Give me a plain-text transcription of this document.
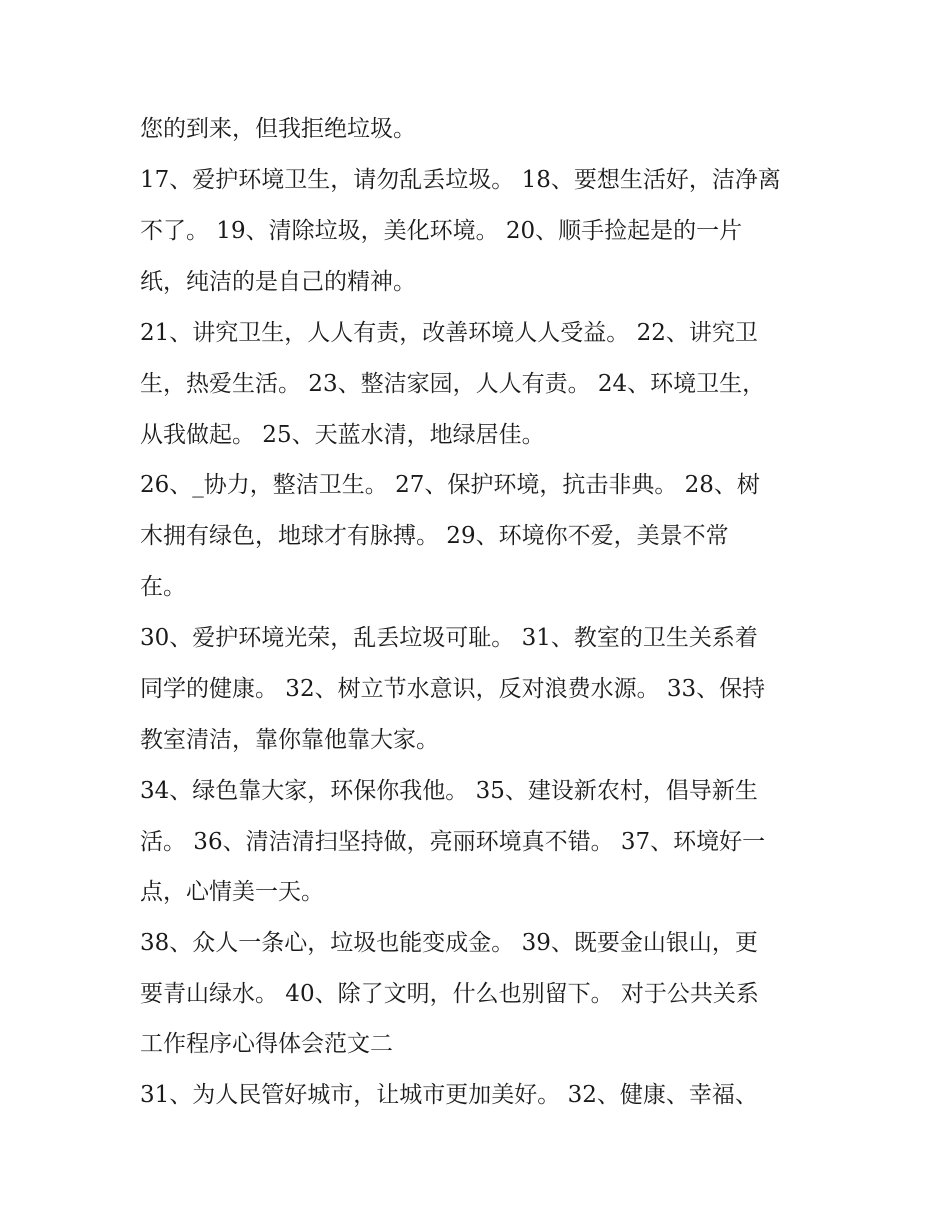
您的到来，但我拒绝垃圾。
17、爱护环境卫生，请勿乱丢垃圾。 18、要想生活好，洁净离
不了。 19、清除垃圾，美化环境。 20、顺手捡起是的一片
纸，纯洁的是自己的精神。
21、讲究卫生，人人有责，改善环境人人受益。 22、讲究卫
生，热爱生活。 23、整洁家园，人人有责。 24、环境卫生，
从我做起。 25、天蓝水清，地绿居佳。
26、_协力，整洁卫生。 27、保护环境，抗击非典。 28、树
木拥有绿色，地球才有脉搏。 29、环境你不爱，美景不常
在。
30、爱护环境光荣，乱丢垃圾可耻。 31、教室的卫生关系着
同学的健康。 32、树立节水意识，反对浪费水源。 33、保持
教室清洁，靠你靠他靠大家。
34、绿色靠大家，环保你我他。 35、建设新农村，倡导新生
活。 36、清洁清扫坚持做，亮丽环境真不错。 37、环境好一
点，心情美一天。
38、众人一条心，垃圾也能变成金。 39、既要金山银山，更
要青山绿水。 40、除了文明，什么也别留下。 对于公共关系
工作程序心得体会范文二
31、为人民管好城市，让城市更加美好。 32、健康、幸福、
